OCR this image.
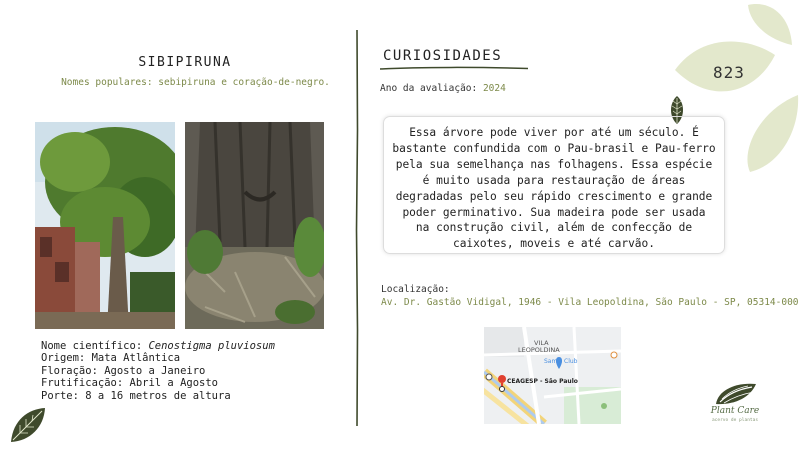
823
SIBIPIRUNA
Nomes populares: sebipiruna e coração-de-negro.
Nome científico: Cenostigma pluviosum
Origem: Mata Atlântica
Floração: Agosto a Janeiro
Frutificação: Abril a Agosto
Porte: 8 a 16 metros de altura
CURIOSIDADES
Ano da avaliação: 2024
Essa árvore pode viver por até um século. É
bastante confundida com o Pau-brasil e Pau-ferro
pela sua semelhança nas folhagens. Essa espécie
é muito usada para restauração de áreas
degradadas pelo seu rápido crescimento e grande
poder germinativo. Sua madeira pode ser usada
na construção civil, além de confecção de
caixotes, moveis e até carvão.
Localização:
Av. Dr. Gastão Vidigal, 1946 - Vila Leopoldina, São Paulo - SP, 05314-000
VILA
LEOPOLDINA
Sam's Club
CEAGESP - São Paulo
Plant Care
acervo de plantas
